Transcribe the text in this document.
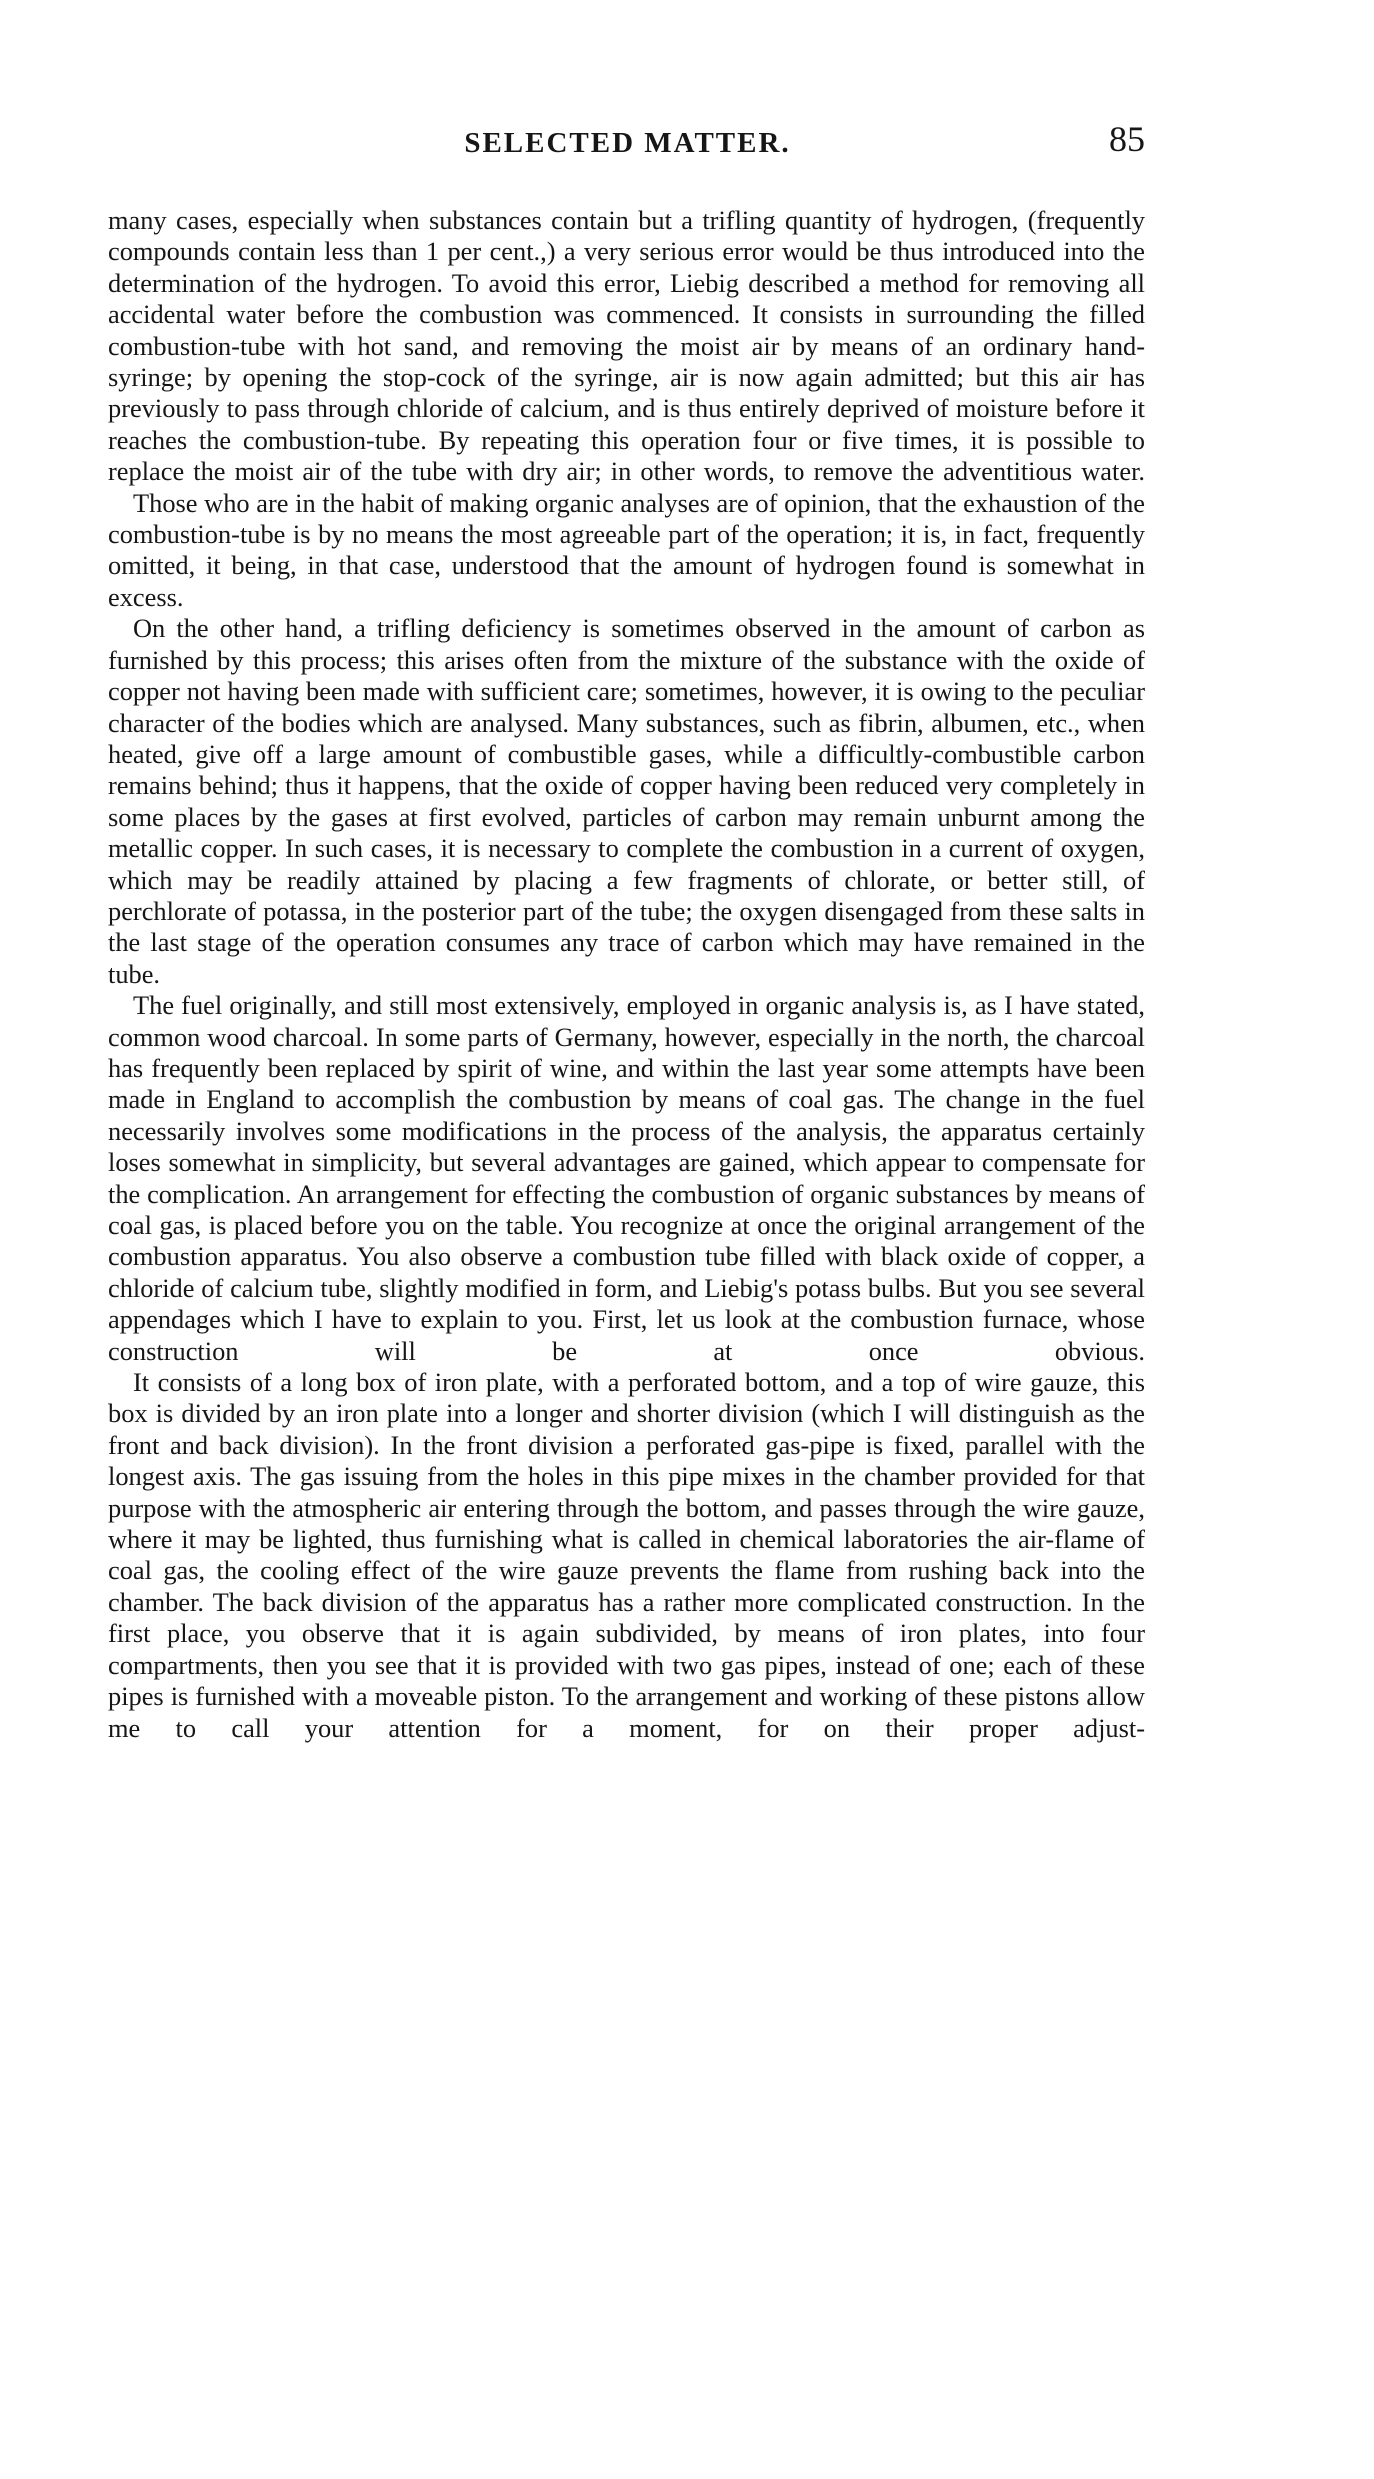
SELECTED MATTER.	85

many cases, especially when substances contain but a trifling quantity of hydrogen, (frequently compounds contain less than 1 per cent.,) a very serious error would be thus introduced into the determination of the hydrogen. To avoid this error, Liebig described a method for removing all accidental water before the combustion was commenced. It consists in surrounding the filled combustion-tube with hot sand, and removing the moist air by means of an ordinary hand-syringe; by opening the stop-cock of the syringe, air is now again admitted; but this air has previously to pass through chloride of calcium, and is thus entirely deprived of moisture before it reaches the combustion-tube. By repeating this operation four or five times, it is possible to replace the moist air of the tube with dry air; in other words, to remove the adventitious water.

Those who are in the habit of making organic analyses are of opinion, that the exhaustion of the combustion-tube is by no means the most agreeable part of the operation; it is, in fact, frequently omitted, it being, in that case, understood that the amount of hydrogen found is somewhat in excess.

On the other hand, a trifling deficiency is sometimes observed in the amount of carbon as furnished by this process; this arises often from the mixture of the substance with the oxide of copper not having been made with sufficient care; sometimes, however, it is owing to the peculiar character of the bodies which are analysed. Many substances, such as fibrin, albumen, etc., when heated, give off a large amount of combustible gases, while a difficultly-combustible carbon remains behind; thus it happens, that the oxide of copper having been reduced very completely in some places by the gases at first evolved, particles of carbon may remain unburnt among the metallic copper. In such cases, it is necessary to complete the combustion in a current of oxygen, which may be readily attained by placing a few fragments of chlorate, or better still, of perchlorate of potassa, in the posterior part of the tube; the oxygen disengaged from these salts in the last stage of the operation consumes any trace of carbon which may have remained in the tube.

The fuel originally, and still most extensively, employed in organic analysis is, as I have stated, common wood charcoal. In some parts of Germany, however, especially in the north, the charcoal has frequently been replaced by spirit of wine, and within the last year some attempts have been made in England to accomplish the combustion by means of coal gas. The change in the fuel necessarily involves some modifications in the process of the analysis, the apparatus certainly loses somewhat in simplicity, but several advantages are gained, which appear to compensate for the complication. An arrangement for effecting the combustion of organic substances by means of coal gas, is placed before you on the table. You recognize at once the original arrangement of the combustion apparatus. You also observe a combustion tube filled with black oxide of copper, a chloride of calcium tube, slightly modified in form, and Liebig's potass bulbs. But you see several appendages which I have to explain to you. First, let us look at the combustion furnace, whose construction will be at once obvious.

It consists of a long box of iron plate, with a perforated bottom, and a top of wire gauze, this box is divided by an iron plate into a longer and shorter division (which I will distinguish as the front and back division). In the front division a perforated gas-pipe is fixed, parallel with the longest axis. The gas issuing from the holes in this pipe mixes in the chamber provided for that purpose with the atmospheric air entering through the bottom, and passes through the wire gauze, where it may be lighted, thus furnishing what is called in chemical laboratories the air-flame of coal gas, the cooling effect of the wire gauze prevents the flame from rushing back into the chamber. The back division of the apparatus has a rather more complicated construction. In the first place, you observe that it is again subdivided, by means of iron plates, into four compartments, then you see that it is provided with two gas pipes, instead of one; each of these pipes is furnished with a moveable piston. To the arrangement and working of these pistons allow me to call your attention for a moment, for on their proper adjust-
